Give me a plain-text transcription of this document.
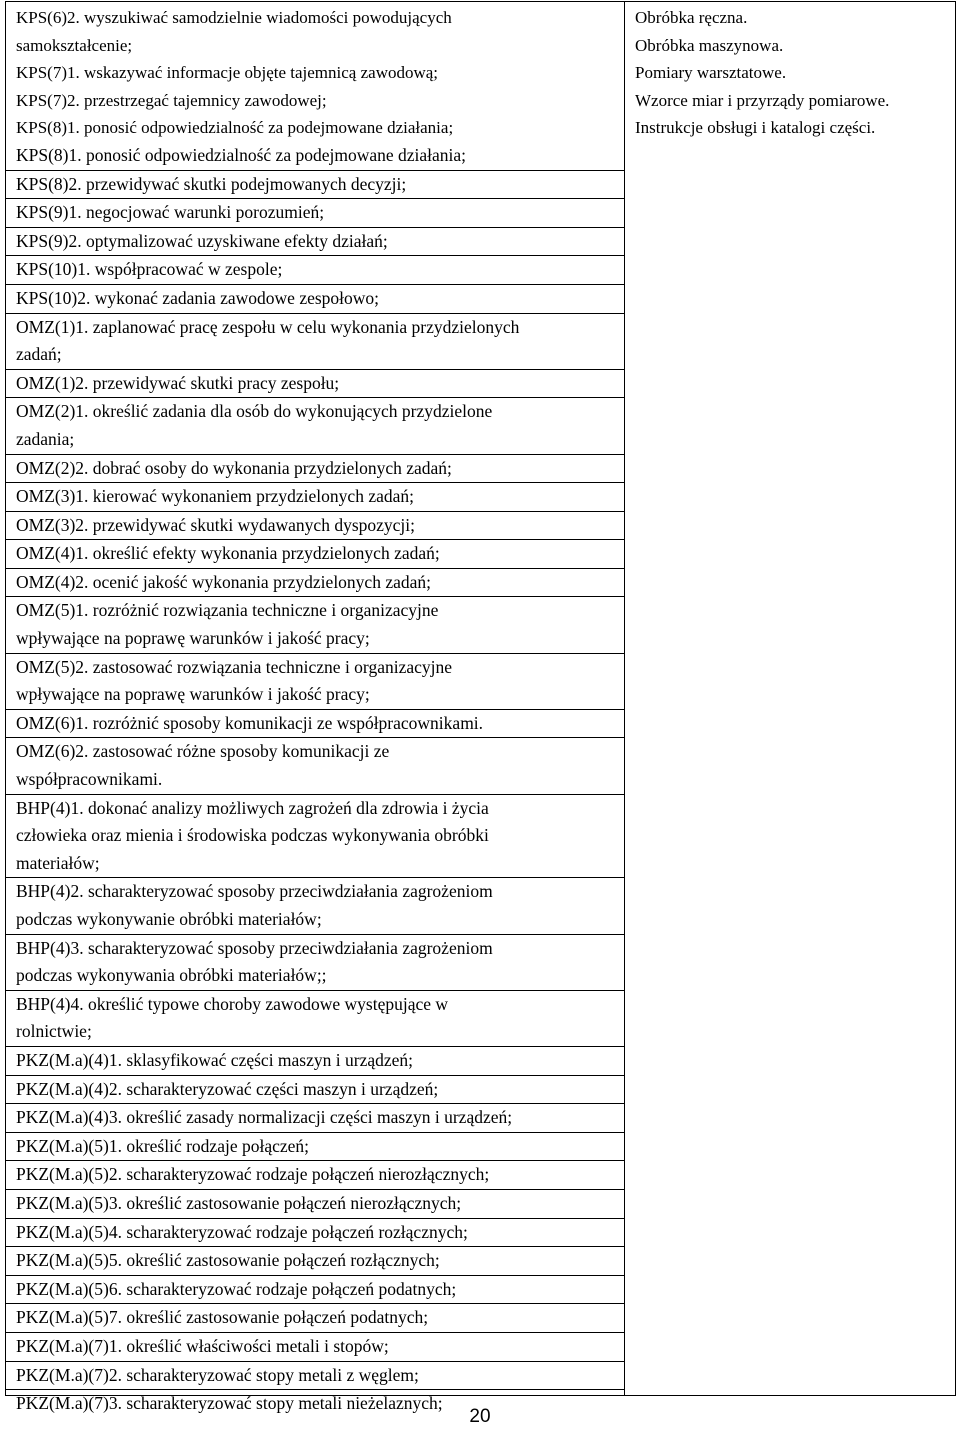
KPS(6)2. wyszukiwać samodzielnie wiadomości powodujących
samokształcenie;
KPS(7)1. wskazywać informacje objęte tajemnicą zawodową;
KPS(7)2. przestrzegać tajemnicy zawodowej;
KPS(8)1. ponosić odpowiedzialność za podejmowane działania;
KPS(8)1. ponosić odpowiedzialność za podejmowane działania;
KPS(8)2. przewidywać skutki podejmowanych decyzji;
KPS(9)1. negocjować warunki porozumień;
KPS(9)2. optymalizować uzyskiwane efekty działań;
KPS(10)1. współpracować w zespole;
KPS(10)2. wykonać zadania zawodowe zespołowo;
OMZ(1)1. zaplanować pracę zespołu w celu wykonania przydzielonych
zadań;
OMZ(1)2. przewidywać skutki pracy zespołu;
OMZ(2)1. określić zadania dla osób do wykonujących przydzielone
zadania;
OMZ(2)2. dobrać osoby do wykonania przydzielonych zadań;
OMZ(3)1. kierować wykonaniem przydzielonych zadań;
OMZ(3)2. przewidywać skutki wydawanych dyspozycji;
OMZ(4)1. określić efekty wykonania przydzielonych zadań;
OMZ(4)2. ocenić jakość wykonania przydzielonych zadań;
OMZ(5)1. rozróżnić rozwiązania techniczne i organizacyjne
wpływające na poprawę warunków i jakość pracy;
OMZ(5)2. zastosować rozwiązania techniczne i organizacyjne
wpływające na poprawę warunków i jakość pracy;
OMZ(6)1. rozróżnić sposoby komunikacji ze współpracownikami.
OMZ(6)2. zastosować różne sposoby komunikacji ze
współpracownikami.
BHP(4)1. dokonać analizy możliwych zagrożeń dla zdrowia i życia
człowieka oraz mienia i środowiska podczas wykonywania obróbki
materiałów;
BHP(4)2. scharakteryzować sposoby przeciwdziałania zagrożeniom
podczas wykonywanie obróbki materiałów;
BHP(4)3. scharakteryzować sposoby przeciwdziałania zagrożeniom
podczas wykonywania obróbki materiałów;;
BHP(4)4. określić typowe choroby zawodowe występujące w
rolnictwie;
PKZ(M.a)(4)1. sklasyfikować części maszyn i urządzeń;
PKZ(M.a)(4)2. scharakteryzować części maszyn i urządzeń;
PKZ(M.a)(4)3. określić zasady normalizacji części maszyn i urządzeń;
PKZ(M.a)(5)1. określić rodzaje połączeń;
PKZ(M.a)(5)2. scharakteryzować rodzaje połączeń nierozłącznych;
PKZ(M.a)(5)3. określić zastosowanie połączeń nierozłącznych;
PKZ(M.a)(5)4. scharakteryzować rodzaje połączeń rozłącznych;
PKZ(M.a)(5)5. określić zastosowanie połączeń rozłącznych;
PKZ(M.a)(5)6. scharakteryzować rodzaje połączeń podatnych;
PKZ(M.a)(5)7. określić zastosowanie połączeń podatnych;
PKZ(M.a)(7)1. określić właściwości metali i stopów;
PKZ(M.a)(7)2. scharakteryzować stopy metali z węglem;
PKZ(M.a)(7)3. scharakteryzować stopy metali nieżelaznych;
Obróbka ręczna.
Obróbka maszynowa.
Pomiary warsztatowe.
Wzorce miar i przyrządy pomiarowe.
Instrukcje obsługi i katalogi części.
20
